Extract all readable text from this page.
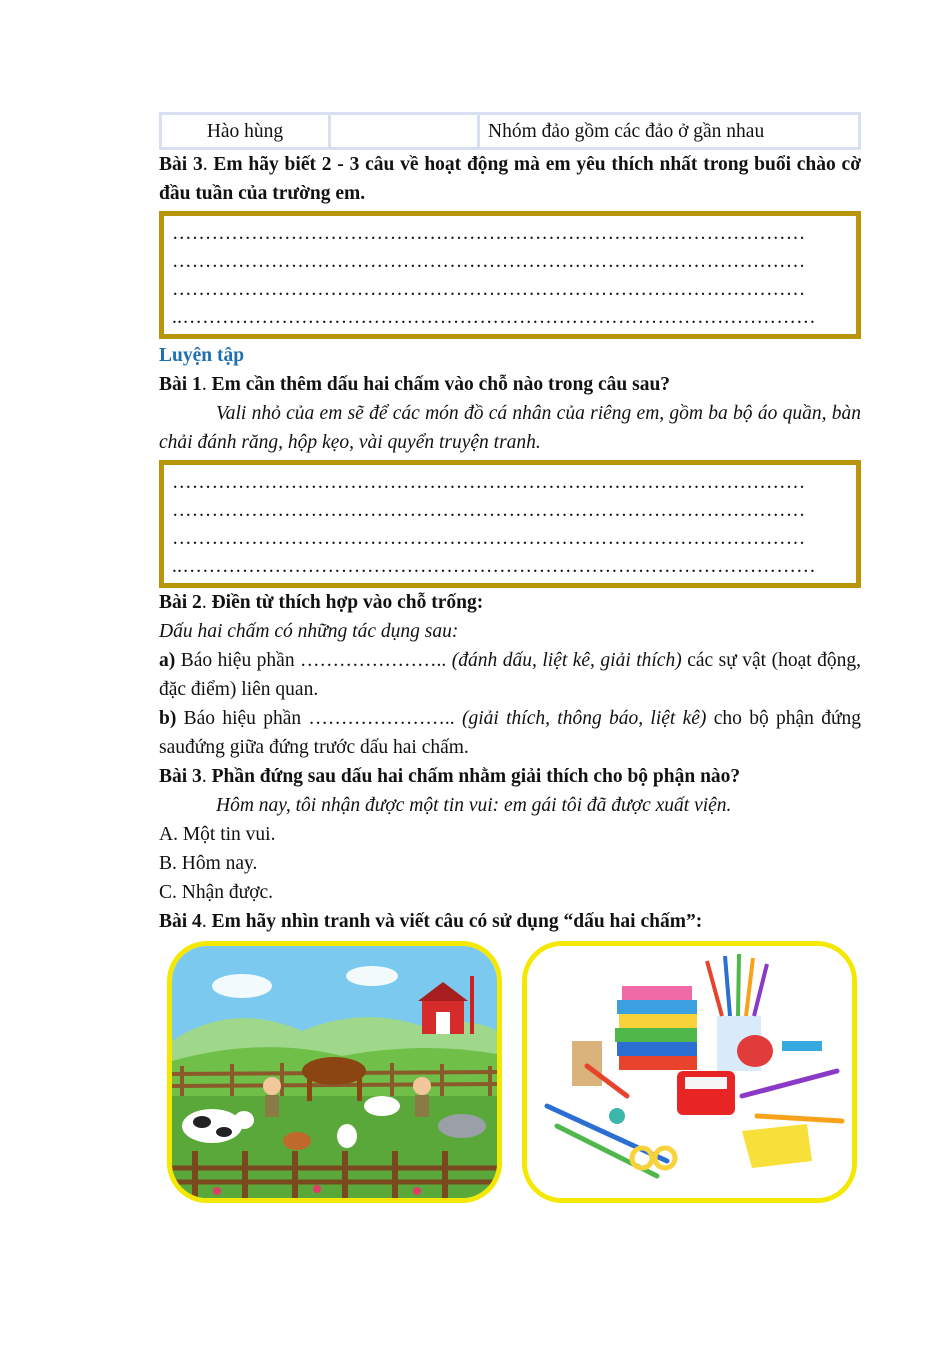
Hào hùng		Nhóm đảo gồm các đảo ở gần nhau
Bài 3. Em hãy biết 2 - 3 câu về hoạt động mà em yêu thích nhất trong buổi chào cờ đầu tuần của trường em.
……………………………………………………………………………………
……………………………………………………………………………………
……………………………………………………………………………………
..……………………………………………………………………………………
Luyện tập
Bài 1. Em cần thêm dấu hai chấm vào chỗ nào trong câu sau?
Vali nhỏ của em sẽ để các món đồ cá nhân của riêng em, gồm ba bộ áo quần, bàn chải đánh răng, hộp kẹo, vài quyển truyện tranh.
……………………………………………………………………………………
……………………………………………………………………………………
……………………………………………………………………………………
..……………………………………………………………………………………
Bài 2. Điền từ thích hợp vào chỗ trống:
Dấu hai chấm có những tác dụng sau:
a) Báo hiệu phần ………………….. (đánh dấu, liệt kê, giải thích) các sự vật (hoạt động, đặc điểm) liên quan.
b) Báo hiệu phần ………………….. (giải thích, thông báo, liệt kê) cho bộ phận đứng sauđứng giữa đứng trước dấu hai chấm.
Bài 3. Phần đứng sau dấu hai chấm nhằm giải thích cho bộ phận nào?
Hôm nay, tôi nhận được một tin vui: em gái tôi đã được xuất viện.
A. Một tin vui.
B. Hôm nay.
C. Nhận được.
Bài 4. Em hãy nhìn tranh và viết câu có sử dụng “dấu hai chấm”:
